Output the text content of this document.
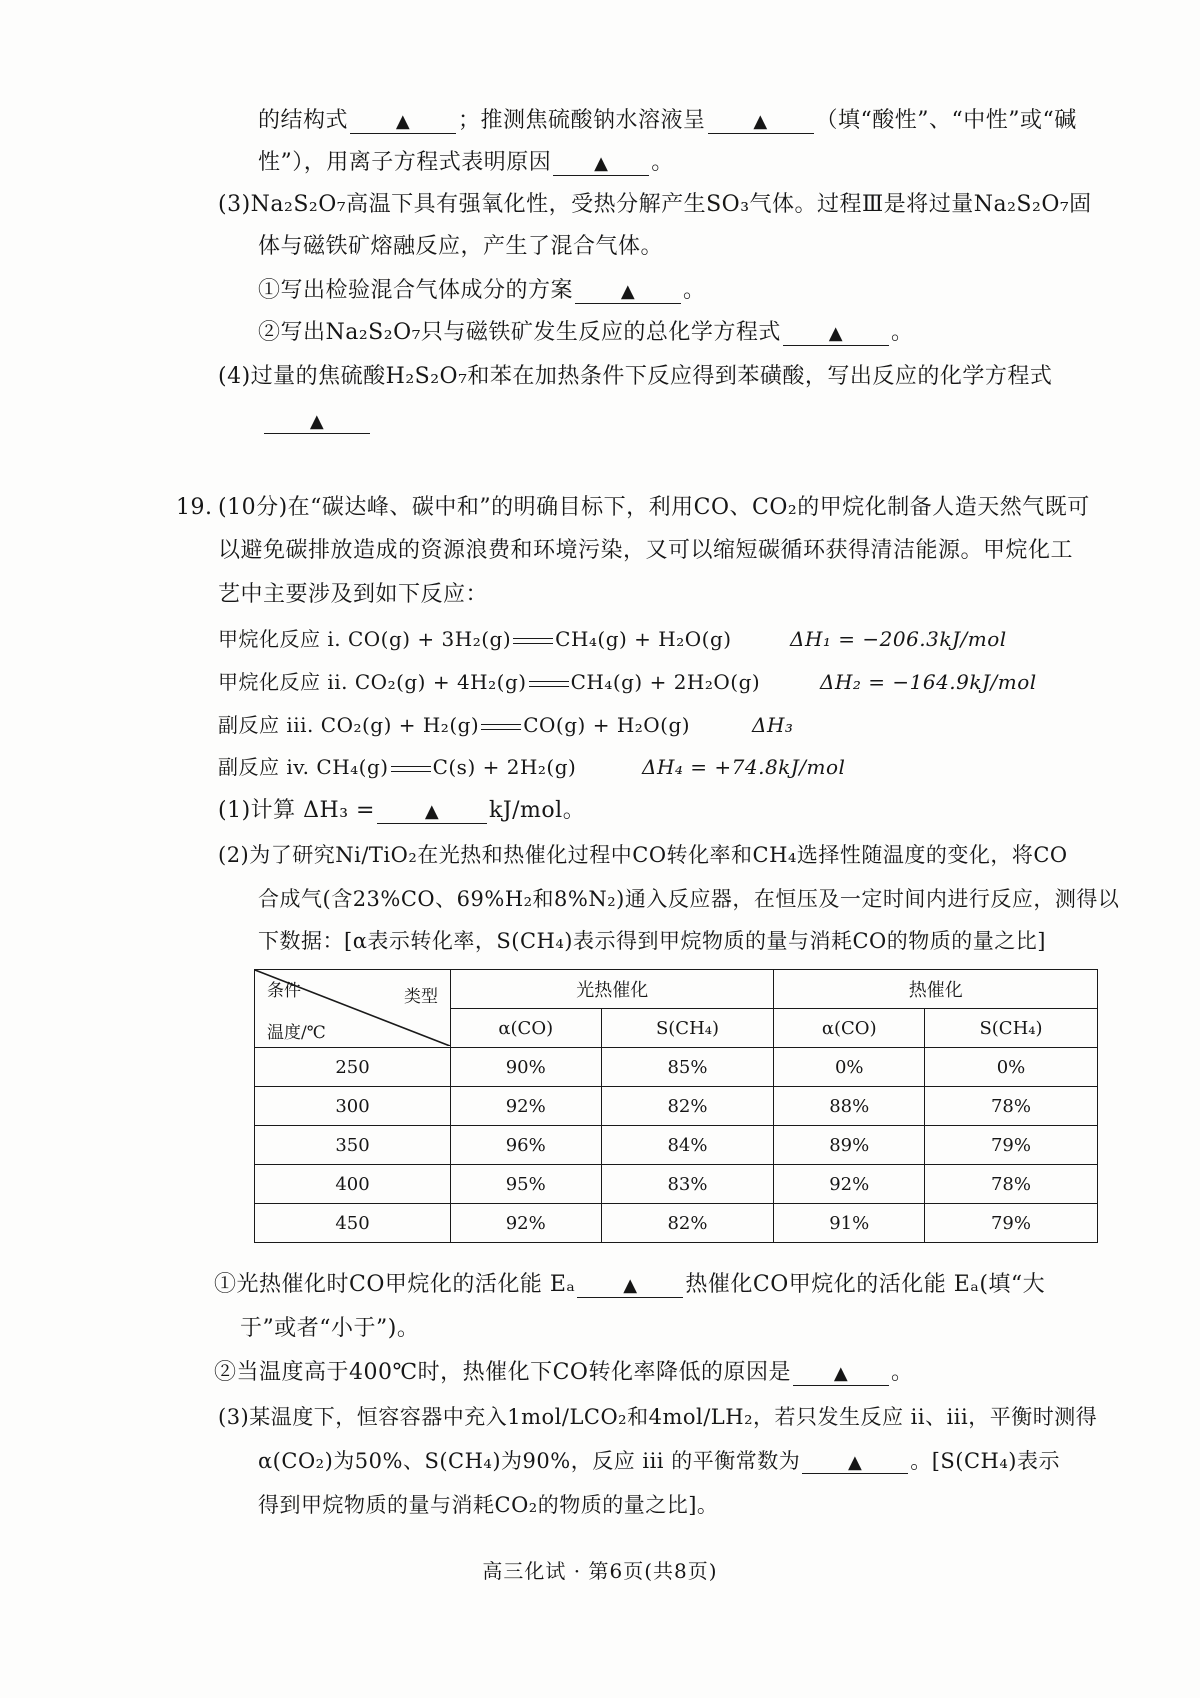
的结构式	▲ ；推测焦硫酸钠水溶液呈	▲ （填“酸性”、“中性”或“碱
性”），用离子方程式表明原因 ▲ 。
(3)Na₂S₂O₇高温下具有强氧化性，受热分解产生SO₃气体。过程Ⅲ是将过量Na₂S₂O₇固
体与磁铁矿熔融反应，产生了混合气体。
①写出检验混合气体成分的方案	▲ 。
②写出Na₂S₂O₇只与磁铁矿发生反应的总化学方程式	▲ 。
(4)过量的焦硫酸H₂S₂O₇和苯在加热条件下反应得到苯磺酸，写出反应的化学方程式
▲
19. (10分)在“碳达峰、碳中和”的明确目标下，利用CO、CO₂的甲烷化制备人造天然气既可
以避免碳排放造成的资源浪费和环境污染，又可以缩短碳循环获得清洁能源。甲烷化工
艺中主要涉及到如下反应：
甲烷化反应 i. CO(g) + 3H₂(g) CH₄(g) + H₂O(g)	ΔH₁ = −206.3kJ/mol
甲烷化反应 ii. CO₂(g) + 4H₂(g) CH₄(g) + 2H₂O(g)	ΔH₂ = −164.9kJ/mol
副反应 iii. CO₂(g) + H₂(g) CO(g) + H₂O(g)	ΔH₃
副反应 iv. CH₄(g) C(s) + 2H₂(g)	ΔH₄ = +74.8kJ/mol
(1)计算 ΔH₃ =	▲ kJ/mol。
(2)为了研究Ni/TiO₂在光热和热催化过程中CO转化率和CH₄选择性随温度的变化，将CO
合成气(含23%CO、69%H₂和8%N₂)通入反应器，在恒压及一定时间内进行反应，测得以
下数据：[α表示转化率，S(CH₄)表示得到甲烷物质的量与消耗CO的物质的量之比]
条件 类型
温度/℃	光热催化		热催化	
	α(CO)	S(CH₄)	α(CO)	S(CH₄)
250	90%	85%	0%	0%
300	92%	82%	88%	78%
350	96%	84%	89%	79%
400	95%	83%	92%	78%
450	92%	82%	91%	79%
①光热催化时CO甲烷化的活化能 Eₐ	▲ 热催化CO甲烷化的活化能 Eₐ(填“大
于”或者“小于”)。
②当温度高于400℃时，热催化下CO转化率降低的原因是 ▲ 。
(3)某温度下，恒容容器中充入1mol/LCO₂和4mol/LH₂，若只发生反应 ii、iii，平衡时测得
α(CO₂)为50%、S(CH₄)为90%，反应 iii 的平衡常数为	▲ 。[S(CH₄)表示
得到甲烷物质的量与消耗CO₂的物质的量之比]。
高三化试 · 第6页(共8页)
